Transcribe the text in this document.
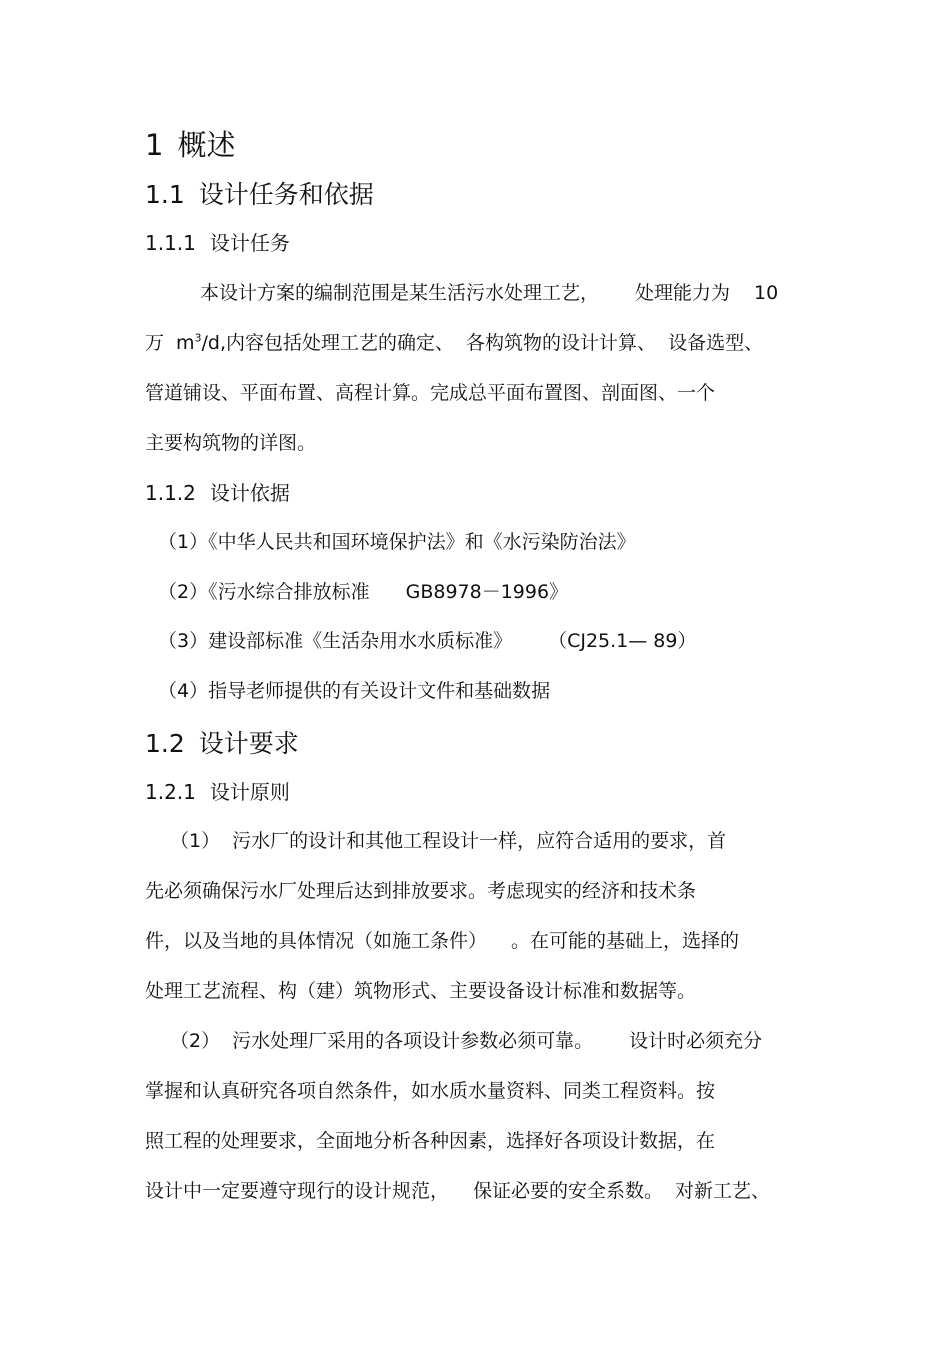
1 概述
1.1 设计任务和依据
1.1.1 设计任务
本设计方案的编制范围是某生活污水处理工艺， 处理能力为 10
万 $m^3/d$,内容包括处理工艺的确定、 各构筑物的设计计算、 设备选型、
管道铺设、平面布置、高程计算。完成总平面布置图、剖面图、一个
主要构筑物的详图。
1.1.2 设计依据
（1）《中华人民共和国环境保护法》和《水污染防治法》
（2）《污水综合排放标准 GB8978－1996》
（3）建设部标准《生活杂用水水质标准》 （CJ25.1— 89）
（4）指导老师提供的有关设计文件和基础数据
1.2 设计要求
1.2.1 设计原则
（1） 污水厂的设计和其他工程设计一样，应符合适用的要求，首
先必须确保污水厂处理后达到排放要求。考虑现实的经济和技术条
件，以及当地的具体情况（如施工条件） 。在可能的基础上，选择的
处理工艺流程、构（建）筑物形式、主要设备设计标准和数据等。
（2） 污水处理厂采用的各项设计参数必须可靠。 设计时必须充分
掌握和认真研究各项自然条件，如水质水量资料、同类工程资料。按
照工程的处理要求，全面地分析各种因素，选择好各项设计数据，在
设计中一定要遵守现行的设计规范， 保证必要的安全系数。 对新工艺、
